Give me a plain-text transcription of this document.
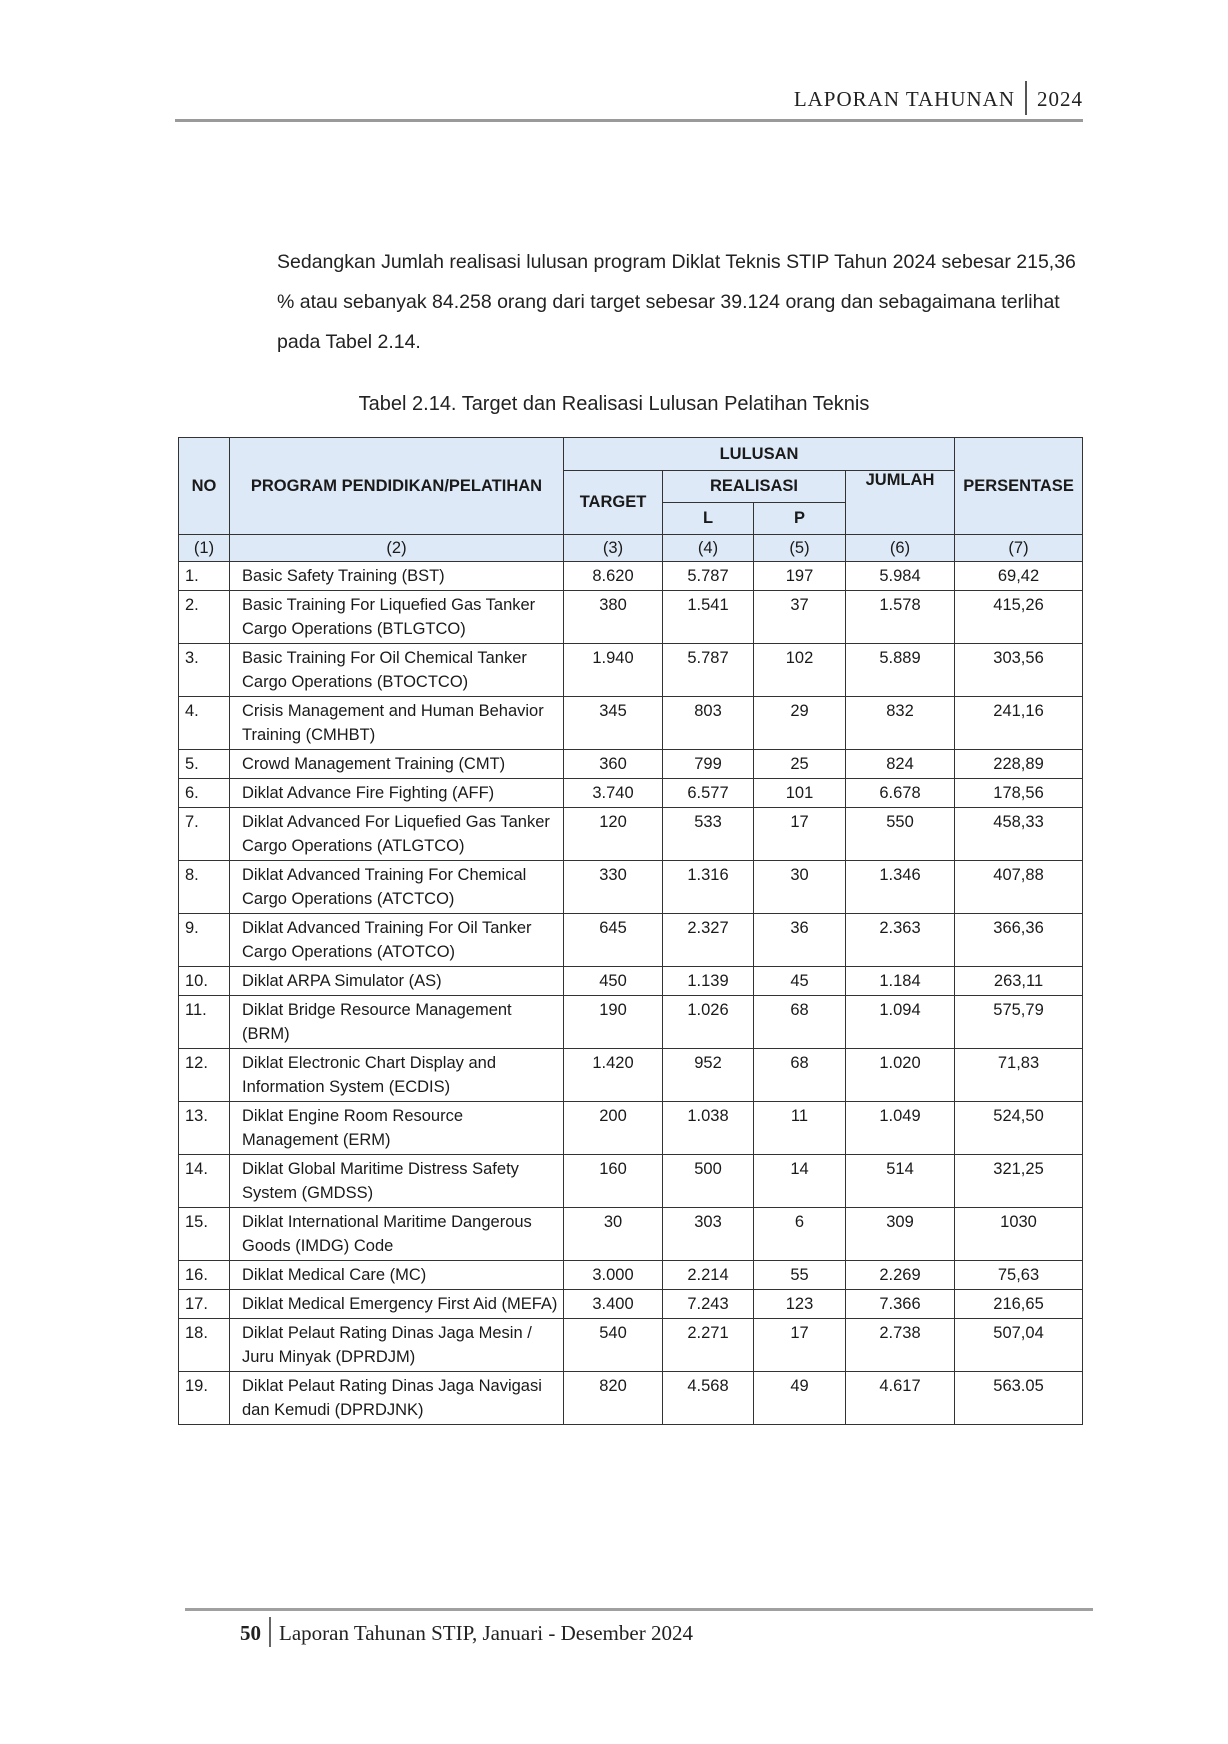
LAPORAN TAHUNAN 2024

Sedangkan Jumlah realisasi lulusan program Diklat Teknis STIP Tahun 2024 sebesar 215,36 % atau sebanyak 84.258 orang dari target sebesar 39.124 orang dan sebagaimana terlihat pada Tabel 2.14.

Tabel 2.14. Target dan Realisasi Lulusan Pelatihan Teknis
NO	PROGRAM PENDIDIKAN/PELATIHAN	LULUSAN				PERSENTASE
		TARGET	REALISASI		JUMLAH	
			L	P		
(1)	(2)	(3)	(4)	(5)	(6)	(7)
1.	Basic Safety Training (BST)	8.620	5.787	197	5.984	69,42
2.	Basic Training For Liquefied Gas Tanker Cargo Operations (BTLGTCO)	380	1.541	37	1.578	415,26
3.	Basic Training For Oil Chemical Tanker Cargo Operations (BTOCTCO)	1.940	5.787	102	5.889	303,56
4.	Crisis Management and Human Behavior Training (CMHBT)	345	803	29	832	241,16
5.	Crowd Management Training (CMT)	360	799	25	824	228,89
6.	Diklat Advance Fire Fighting (AFF)	3.740	6.577	101	6.678	178,56
7.	Diklat Advanced For Liquefied Gas Tanker Cargo Operations (ATLGTCO)	120	533	17	550	458,33
8.	Diklat Advanced Training For Chemical Cargo Operations (ATCTCO)	330	1.316	30	1.346	407,88
9.	Diklat Advanced Training For Oil Tanker Cargo Operations (ATOTCO)	645	2.327	36	2.363	366,36
10.	Diklat ARPA Simulator (AS)	450	1.139	45	1.184	263,11
11.	Diklat Bridge Resource Management (BRM)	190	1.026	68	1.094	575,79
12.	Diklat Electronic Chart Display and Information System (ECDIS)	1.420	952	68	1.020	71,83
13.	Diklat Engine Room Resource Management (ERM)	200	1.038	11	1.049	524,50
14.	Diklat Global Maritime Distress Safety System (GMDSS)	160	500	14	514	321,25
15.	Diklat International Maritime Dangerous Goods (IMDG) Code	30	303	6	309	1030
16.	Diklat Medical Care (MC)	3.000	2.214	55	2.269	75,63
17.	Diklat Medical Emergency First Aid (MEFA)	3.400	7.243	123	7.366	216,65
18.	Diklat Pelaut Rating Dinas Jaga Mesin / Juru Minyak (DPRDJM)	540	2.271	17	2.738	507,04
19.	Diklat Pelaut Rating Dinas Jaga Navigasi dan Kemudi (DPRDJNK)	820	4.568	49	4.617	563.05
50 Laporan Tahunan STIP, Januari - Desember 2024
